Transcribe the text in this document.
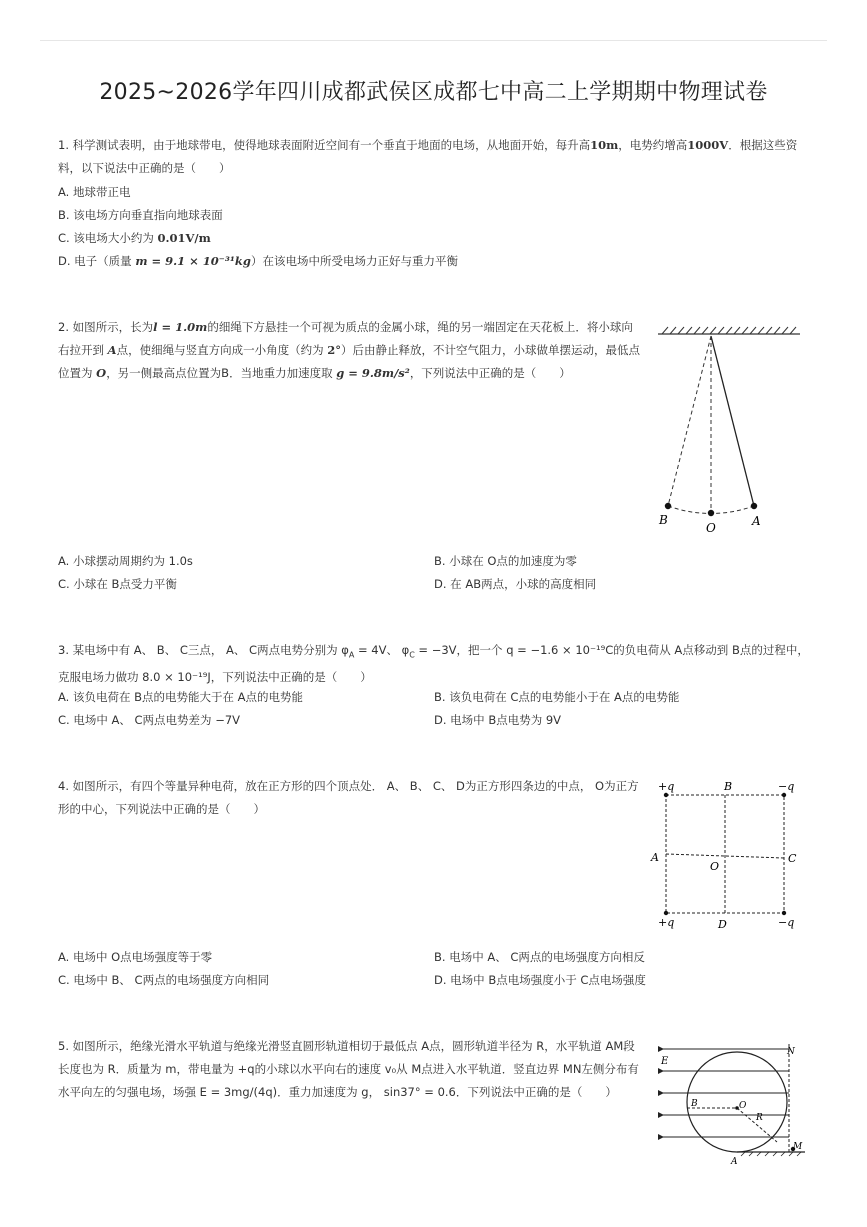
2025~2026学年四川成都武侯区成都七中高二上学期期中物理试卷
1. 科学测试表明，由于地球带电，使得地球表面附近空间有一个垂直于地面的电场，从地面开始，每升高10m，电势约增高1000V．根据这些资料，以下说法中正确的是（　　）
A. 地球带正电
B. 该电场方向垂直指向地球表面
C. 该电场大小约为 0.01V/m
D. 电子（质量 m = 9.1 × 10⁻³¹kg）在该电场中所受电场力正好与重力平衡
2. 如图所示，长为l = 1.0m的细绳下方悬挂一个可视为质点的金属小球，绳的另一端固定在天花板上．将小球向右拉开到 A点，使细绳与竖直方向成一小角度（约为 2°）后由静止释放，不计空气阻力，小球做单摆运动，最低点位置为 O，另一侧最高点位置为B．当地重力加速度取 g = 9.8m/s²，下列说法中正确的是（　　）
B
O	A
A. 小球摆动周期约为 1.0s	B. 小球在 O点的加速度为零
C. 小球在 B点受力平衡	D. 在 AB两点，小球的高度相同
3. 某电场中有 A、 B、 C三点， A、 C两点电势分别为 $\varphi_A = 4V$、 $\varphi_C = -3V$，把一个 q = −1.6 × 10⁻¹⁹C的负电荷从 A点移动到 B点的过程中，克服电场力做功 8.0 × 10⁻¹⁹J，下列说法中正确的是（　　）
A. 该负电荷在 B点的电势能大于在 A点的电势能	B. 该负电荷在 C点的电势能小于在 A点的电势能
C. 电场中 A、 C两点电势差为 −7V	D. 电场中 B点电势为 9V
4. 如图所示，有四个等量异种电荷，放在正方形的四个顶点处． A、 B、 C、 D为正方形四条边的中点， O为正方形的中心，下列说法中正确的是（　　）
+q	−q
+q	−q
B
A	C
D
O
A. 电场中 O点电场强度等于零	B. 电场中 A、 C两点的电场强度方向相反
C. 电场中 B、 C两点的电场强度方向相同	D. 电场中 B点电场强度小于 C点电场强度
5. 如图所示，绝缘光滑水平轨道与绝缘光滑竖直圆形轨道相切于最低点 A点，圆形轨道半径为 R，水平轨道 AM段长度也为 R．质量为 m，带电量为 +q的小球以水平向右的速度 v₀从 M点进入水平轨道．竖直边界 MN左侧分布有水平向左的匀强电场，场强 E = 3mg/(4q)．重力加速度为 g， sin37° = 0.6．下列说法中正确的是（　　）
E
N
B	O
R
M
A
